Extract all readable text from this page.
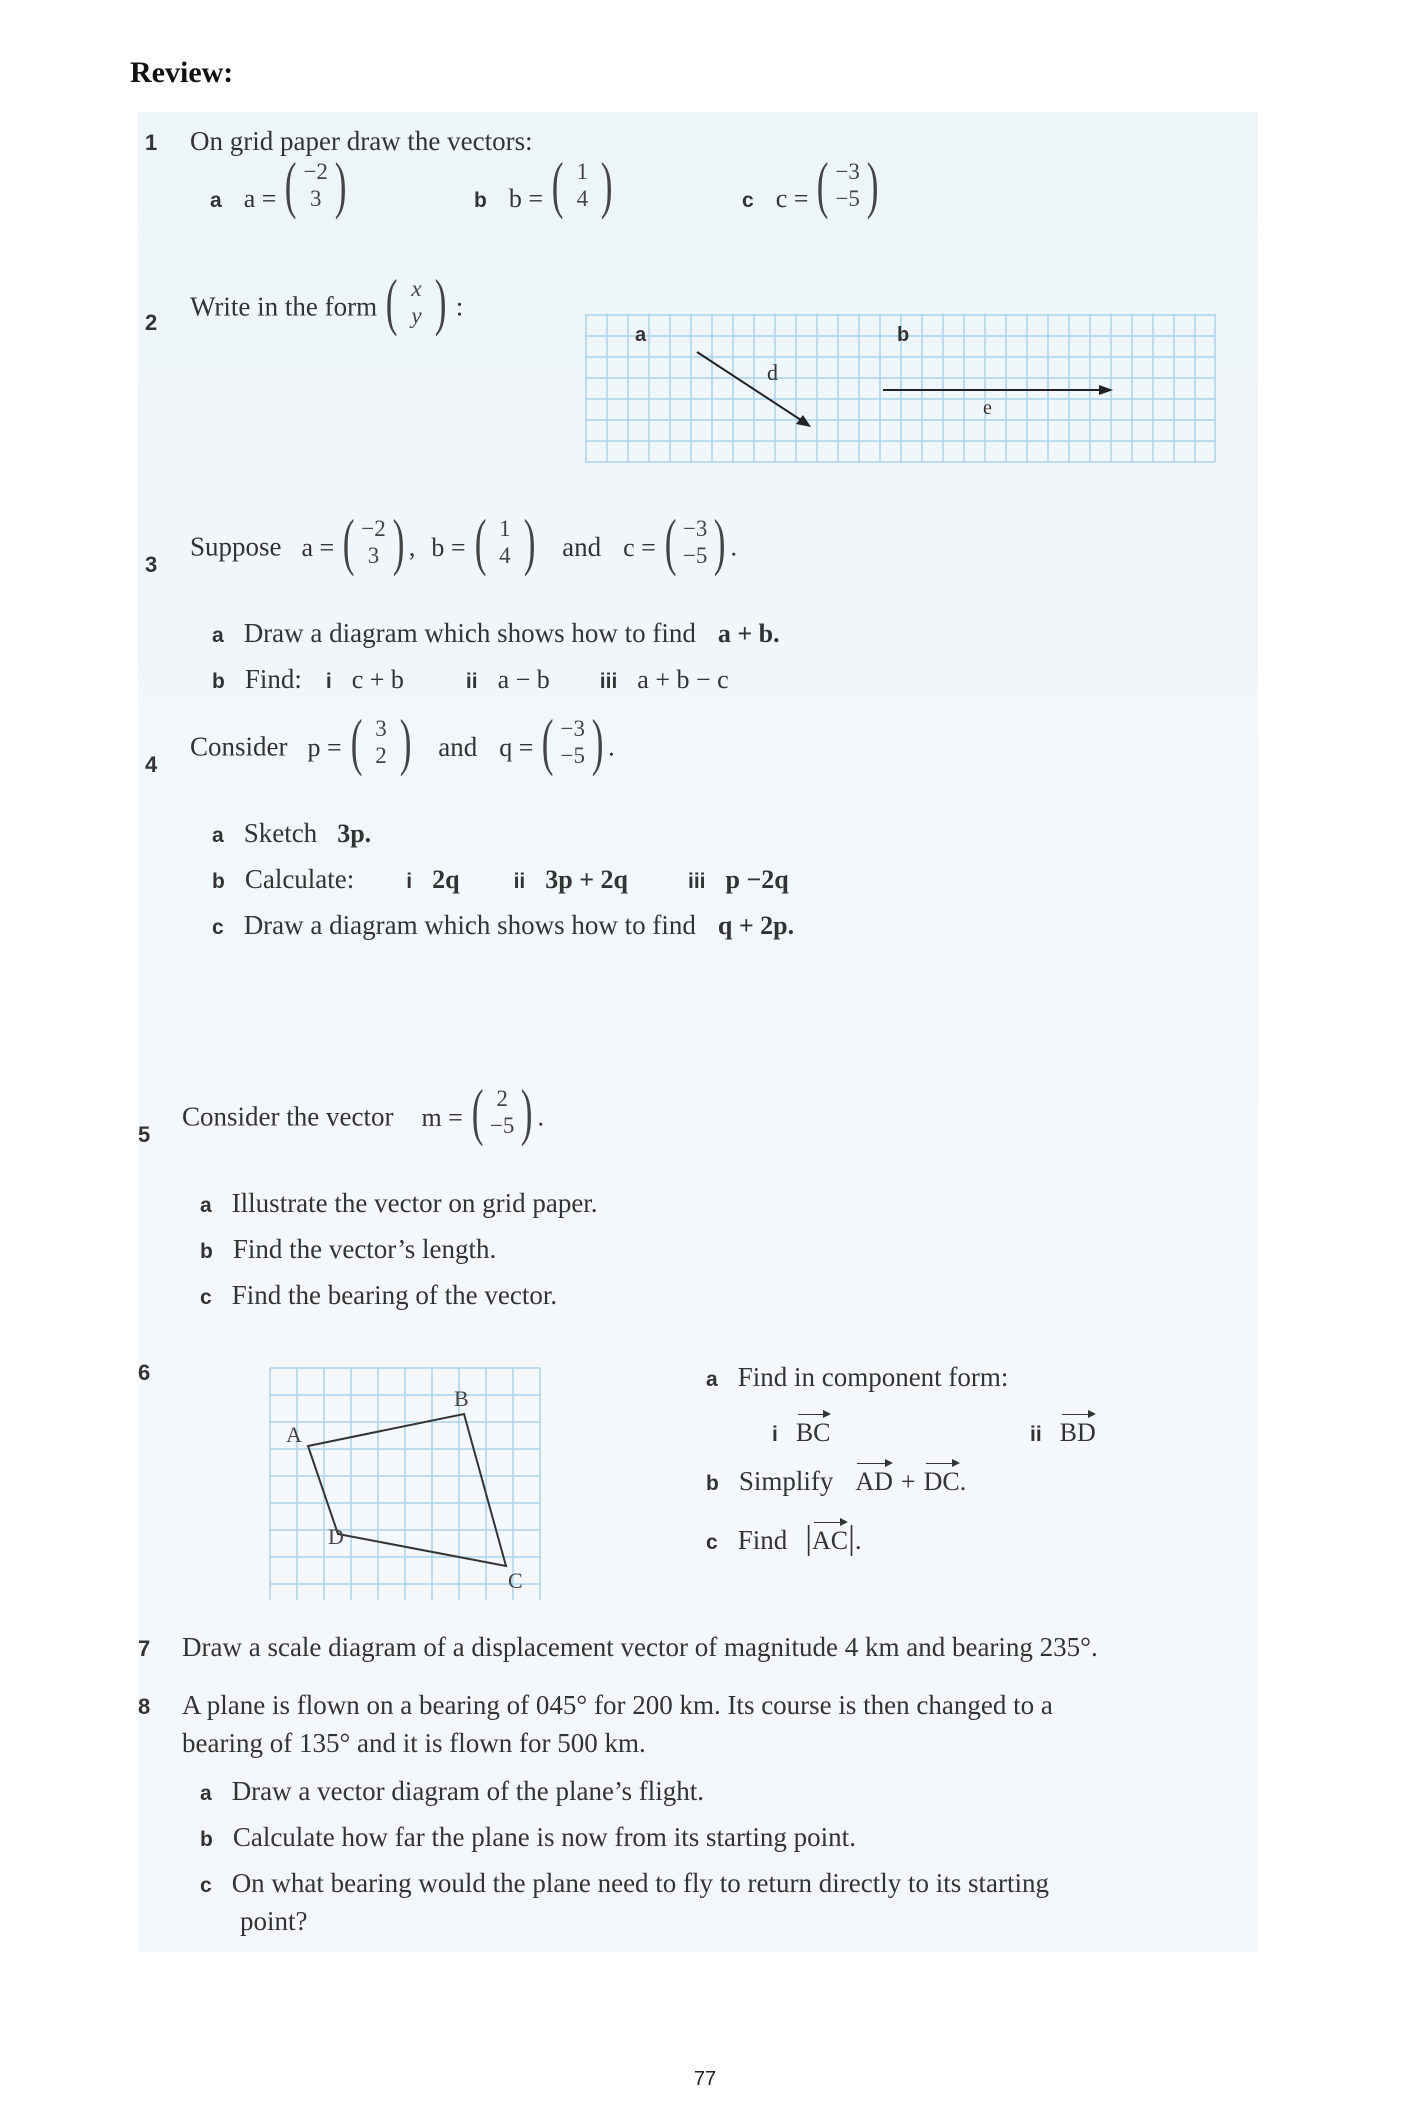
Review:
1 On grid paper draw the vectors:
a a = ( −2
3 )	b b = ( 1
4 )	c c = ( −3
−5 )
2
Write in the form ( x
y ) :
a	b
d
e
3
Suppose a = ( −2
3 ) , b = ( 1
4 ) and c = ( −3
−5 ) .
a Draw a diagram which shows how to find a + b.
b Find: i c + b	ii a − b iii a + b − c
4
Consider p = ( 3
2 ) and q = ( −3
−5 ) .
a Sketch 3p.
b Calculate: i 2q	ii 3p + 2q	iii p −2q
c Draw a diagram which shows how to find q + 2p.
5
Consider the vector m = ( 2
−5 ) .
a Illustrate the vector on grid paper.
b Find the vector’s length.
c Find the bearing of the vector.
6
A
B
C
D
a Find in component form:
i BC	ii BD
b Simplify AD + DC.
c Find |AC|.
7 Draw a scale diagram of a displacement vector of magnitude 4 km and bearing 235°.
8 A plane is flown on a bearing of 045° for 200 km. Its course is then changed to a
bearing of 135° and it is flown for 500 km.
a Draw a vector diagram of the plane’s flight.
b Calculate how far the plane is now from its starting point.
c On what bearing would the plane need to fly to return directly to its starting
point?
77
